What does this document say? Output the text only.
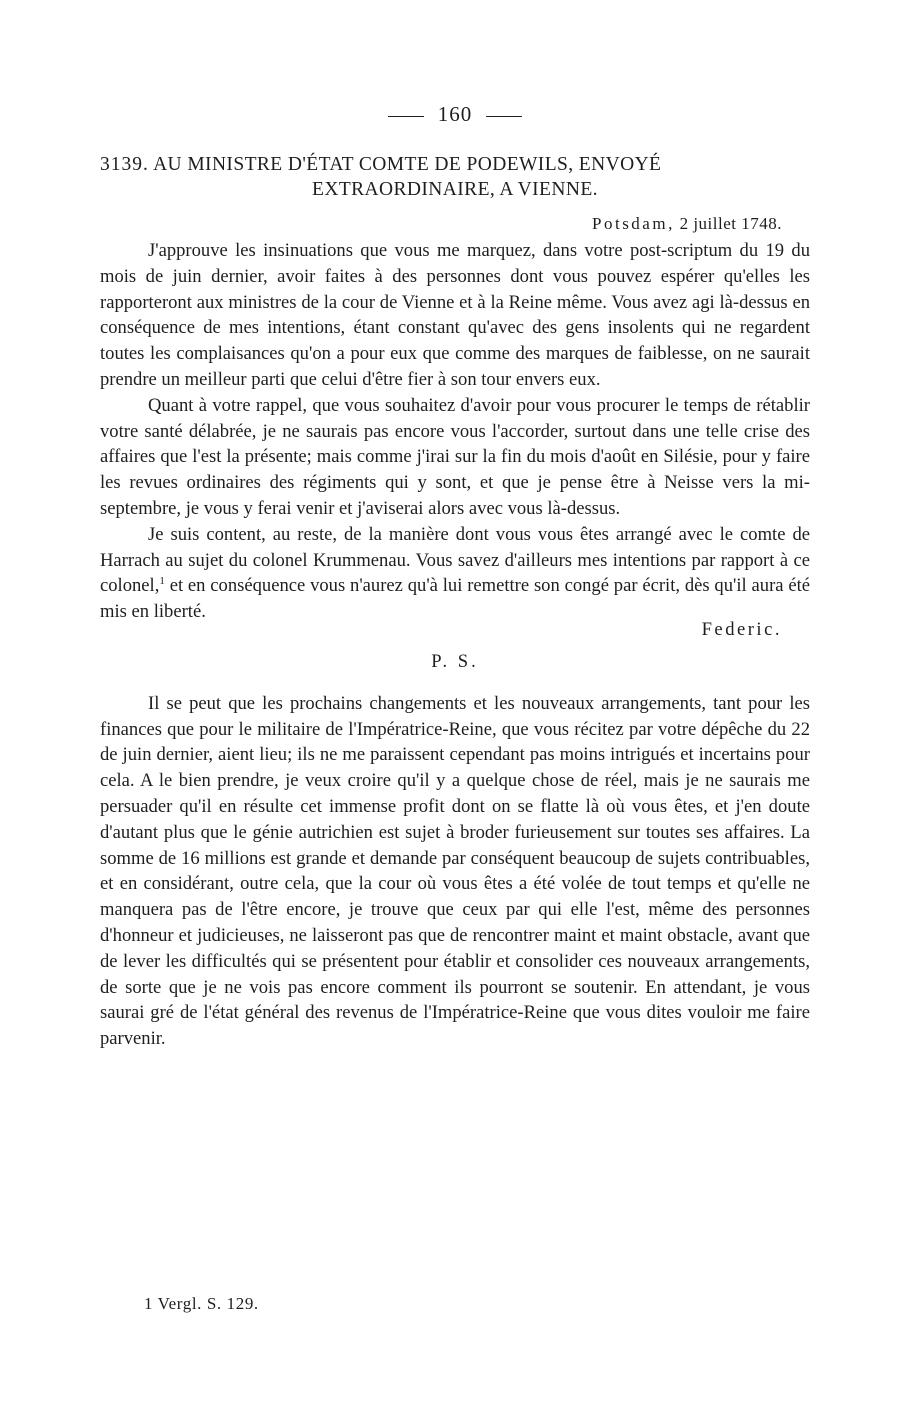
160
3139. AU MINISTRE D'ÉTAT COMTE DE PODEWILS, ENVOYÉ
EXTRAORDINAIRE, A VIENNE.
Potsdam, 2 juillet 1748.

J'approuve les insinuations que vous me marquez, dans votre post-scriptum du 19 du mois de juin dernier, avoir faites à des personnes dont vous pouvez espérer qu'elles les rapporteront aux ministres de la cour de Vienne et à la Reine même. Vous avez agi là-dessus en conséquence de mes intentions, étant constant qu'avec des gens insolents qui ne regardent toutes les complaisances qu'on a pour eux que comme des marques de faiblesse, on ne saurait prendre un meilleur parti que celui d'être fier à son tour envers eux.

Quant à votre rappel, que vous souhaitez d'avoir pour vous procurer le temps de rétablir votre santé délabrée, je ne saurais pas encore vous l'accorder, surtout dans une telle crise des affaires que l'est la présente; mais comme j'irai sur la fin du mois d'août en Silésie, pour y faire les revues ordinaires des régiments qui y sont, et que je pense être à Neisse vers la mi-septembre, je vous y ferai venir et j'aviserai alors avec vous là-dessus.

Je suis content, au reste, de la manière dont vous vous êtes arrangé avec le comte de Harrach au sujet du colonel Krummenau. Vous savez d'ailleurs mes intentions par rapport à ce colonel,$^1$ et en conséquence vous n'aurez qu'à lui remettre son congé par écrit, dès qu'il aura été mis en liberté.

Federic.
P. S.

Il se peut que les prochains changements et les nouveaux arrangements, tant pour les finances que pour le militaire de l'Impératrice-Reine, que vous récitez par votre dépêche du 22 de juin dernier, aient lieu; ils ne me paraissent cependant pas moins intrigués et incertains pour cela. A le bien prendre, je veux croire qu'il y a quelque chose de réel, mais je ne saurais me persuader qu'il en résulte cet immense profit dont on se flatte là où vous êtes, et j'en doute d'autant plus que le génie autrichien est sujet à broder furieusement sur toutes ses affaires. La somme de 16 millions est grande et demande par conséquent beaucoup de sujets contribuables, et en considérant, outre cela, que la cour où vous êtes a été volée de tout temps et qu'elle ne manquera pas de l'être encore, je trouve que ceux par qui elle l'est, même des personnes d'honneur et judicieuses, ne laisseront pas que de rencontrer maint et maint obstacle, avant que de lever les difficultés qui se présentent pour établir et consolider ces nouveaux arrangements, de sorte que je ne vois pas encore comment ils pourront se soutenir. En attendant, je vous saurai gré de l'état général des revenus de l'Impératrice-Reine que vous dites vouloir me faire parvenir.

1 Vergl. S. 129.
